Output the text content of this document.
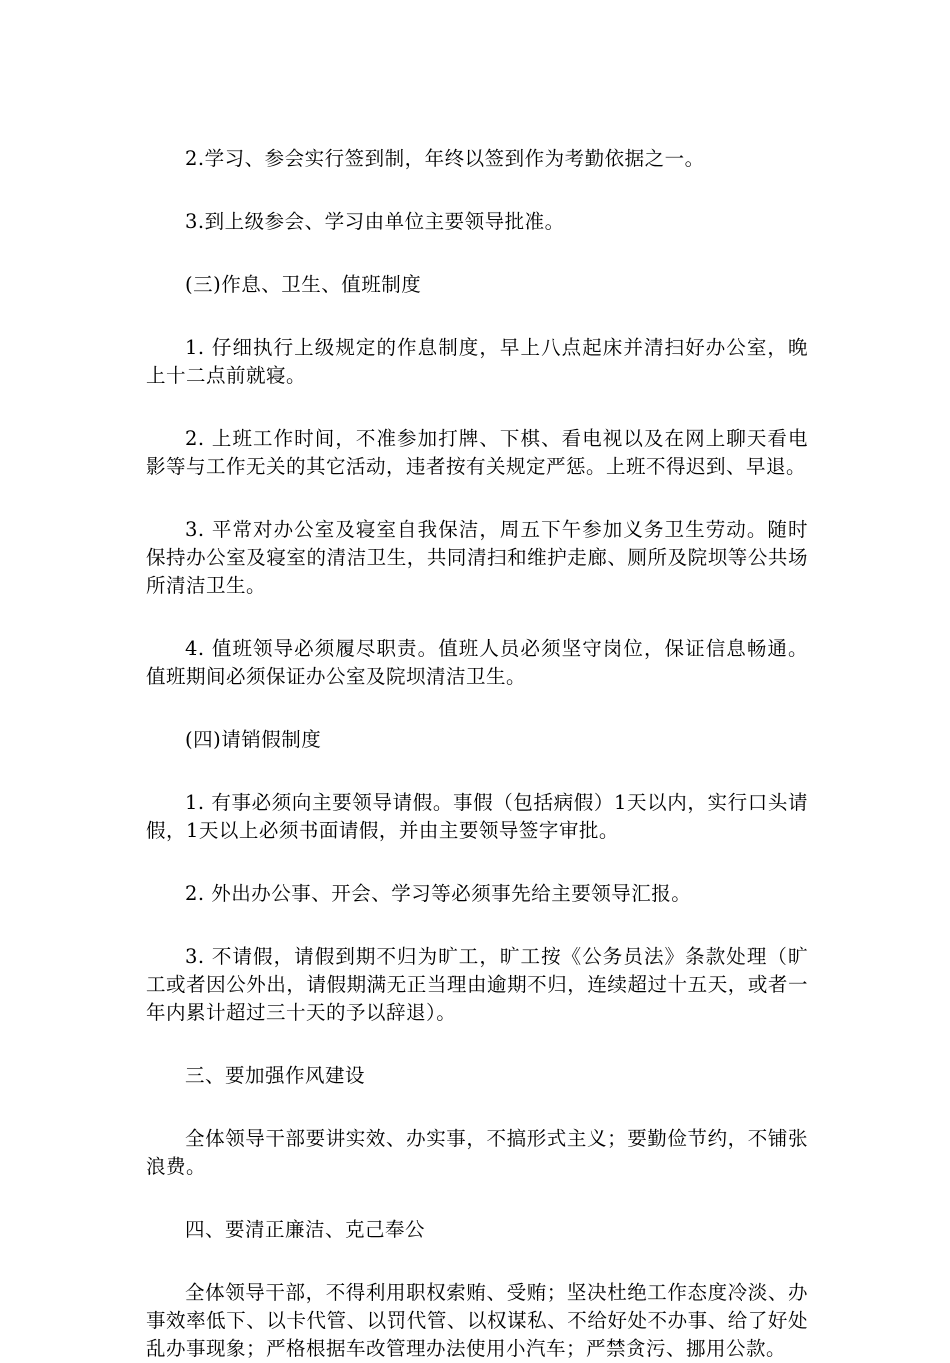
2.学习、参会实行签到制，年终以签到作为考勤依据之一。

3.到上级参会、学习由单位主要领导批准。

(三)作息、卫生、值班制度

1. 仔细执行上级规定的作息制度，早上八点起床并清扫好办公室，晚上十二点前就寝。

2. 上班工作时间，不准参加打牌、下棋、看电视以及在网上聊天看电影等与工作无关的其它活动，违者按有关规定严惩。上班不得迟到、早退。

3. 平常对办公室及寝室自我保洁，周五下午参加义务卫生劳动。随时保持办公室及寝室的清洁卫生，共同清扫和维护走廊、厕所及院坝等公共场所清洁卫生。

4. 值班领导必须履尽职责。值班人员必须坚守岗位，保证信息畅通。值班期间必须保证办公室及院坝清洁卫生。

(四)请销假制度

1. 有事必须向主要领导请假。事假（包括病假）1天以内，实行口头请假，1天以上必须书面请假，并由主要领导签字审批。

2. 外出办公事、开会、学习等必须事先给主要领导汇报。

3. 不请假，请假到期不归为旷工，旷工按《公务员法》条款处理（旷工或者因公外出，请假期满无正当理由逾期不归，连续超过十五天，或者一年内累计超过三十天的予以辞退）。

三、要加强作风建设

全体领导干部要讲实效、办实事，不搞形式主义；要勤俭节约，不铺张浪费。

四、要清正廉洁、克己奉公

全体领导干部，不得利用职权索贿、受贿；坚决杜绝工作态度冷淡、办事效率低下、以卡代管、以罚代管、以权谋私、不给好处不办事、给了好处乱办事现象；严格根据车改管理办法使用小汽车；严禁贪污、挪用公款。
